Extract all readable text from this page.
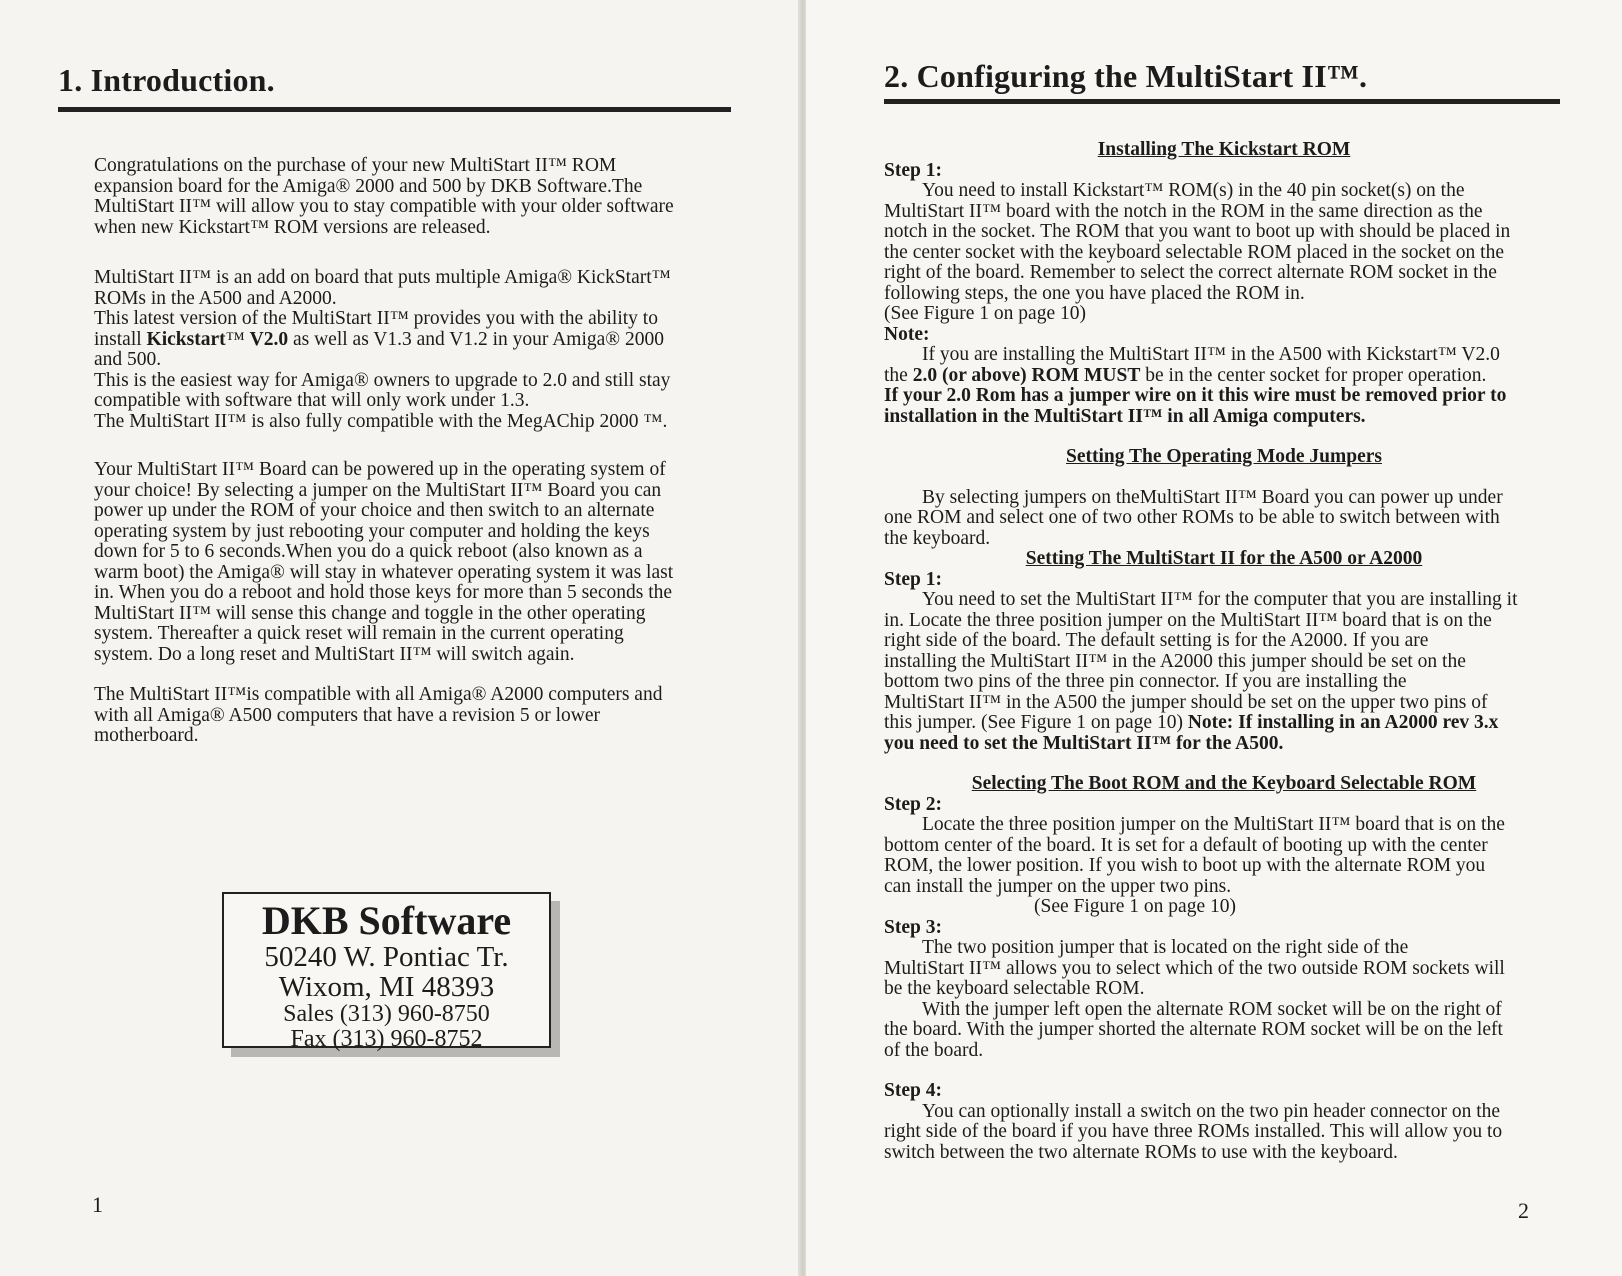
1. Introduction.

Congratulations on the purchase of your new MultiStart II™ ROM

expansion board for the Amiga® 2000 and 500 by DKB Software.The

MultiStart II™ will allow you to stay compatible with your older software

when new Kickstart™ ROM versions are released.

MultiStart II™ is an add on board that puts multiple Amiga® KickStart™

ROMs in the A500 and A2000.

This latest version of the MultiStart II™ provides you with the ability to

install Kickstart™ V2.0 as well as V1.3 and V1.2 in your Amiga® 2000

and 500.

This is the easiest way for Amiga® owners to upgrade to 2.0 and still stay

compatible with software that will only work under 1.3.

The MultiStart II™ is also fully compatible with the MegAChip 2000 ™.

Your MultiStart II™ Board can be powered up in the operating system of

your choice! By selecting a jumper on the MultiStart II™ Board you can

power up under the ROM of your choice and then switch to an alternate

operating system by just rebooting your computer and holding the keys

down for 5 to 6 seconds.When you do a quick reboot (also known as a

warm boot) the Amiga® will stay in whatever operating system it was last

in. When you do a reboot and hold those keys for more than 5 seconds the

MultiStart II™ will sense this change and toggle in the other operating

system. Thereafter a quick reset will remain in the current operating

system. Do a long reset and MultiStart II™ will switch again.

The MultiStart II™is compatible with all Amiga® A2000 computers and

with all Amiga® A500 computers that have a revision 5 or lower

motherboard.

DKB Software
50240 W. Pontiac Tr.
Wixom, MI 48393
Sales (313) 960-8750
Fax (313) 960-8752
1
2. Configuring the MultiStart II™.

Installing The Kickstart ROM

Step 1:

You need to install Kickstart™ ROM(s) in the 40 pin socket(s) on the

MultiStart II™ board with the notch in the ROM in the same direction as the

notch in the socket. The ROM that you want to boot up with should be placed in

the center socket with the keyboard selectable ROM placed in the socket on the

right of the board. Remember to select the correct alternate ROM socket in the

following steps, the one you have placed the ROM in.

(See Figure 1 on page 10)

Note:

If you are installing the MultiStart II™ in the A500 with Kickstart™ V2.0

the 2.0 (or above) ROM MUST be in the center socket for proper operation.

If your 2.0 Rom has a jumper wire on it this wire must be removed prior to

installation in the MultiStart II™ in all Amiga computers.

Setting The Operating Mode Jumpers

By selecting jumpers on theMultiStart II™ Board you can power up under

one ROM and select one of two other ROMs to be able to switch between with

the keyboard.

Setting The MultiStart II for the A500 or A2000

Step 1:

You need to set the MultiStart II™ for the computer that you are installing it

in. Locate the three position jumper on the MultiStart II™ board that is on the

right side of the board. The default setting is for the A2000. If you are

installing the MultiStart II™ in the A2000 this jumper should be set on the

bottom two pins of the three pin connector. If you are installing the

MultiStart II™ in the A500 the jumper should be set on the upper two pins of

this jumper. (See Figure 1 on page 10) Note: If installing in an A2000 rev 3.x

you need to set the MultiStart II™ for the A500.

Selecting The Boot ROM and the Keyboard Selectable ROM

Step 2:

Locate the three position jumper on the MultiStart II™ board that is on the

bottom center of the board. It is set for a default of booting up with the center

ROM, the lower position. If you wish to boot up with the alternate ROM you

can install the jumper on the upper two pins.

(See Figure 1 on page 10)

Step 3:

The two position jumper that is located on the right side of the

MultiStart II™ allows you to select which of the two outside ROM sockets will

be the keyboard selectable ROM.

With the jumper left open the alternate ROM socket will be on the right of

the board. With the jumper shorted the alternate ROM socket will be on the left

of the board.

Step 4:

You can optionally install a switch on the two pin header connector on the

right side of the board if you have three ROMs installed. This will allow you to

switch between the two alternate ROMs to use with the keyboard.

2
